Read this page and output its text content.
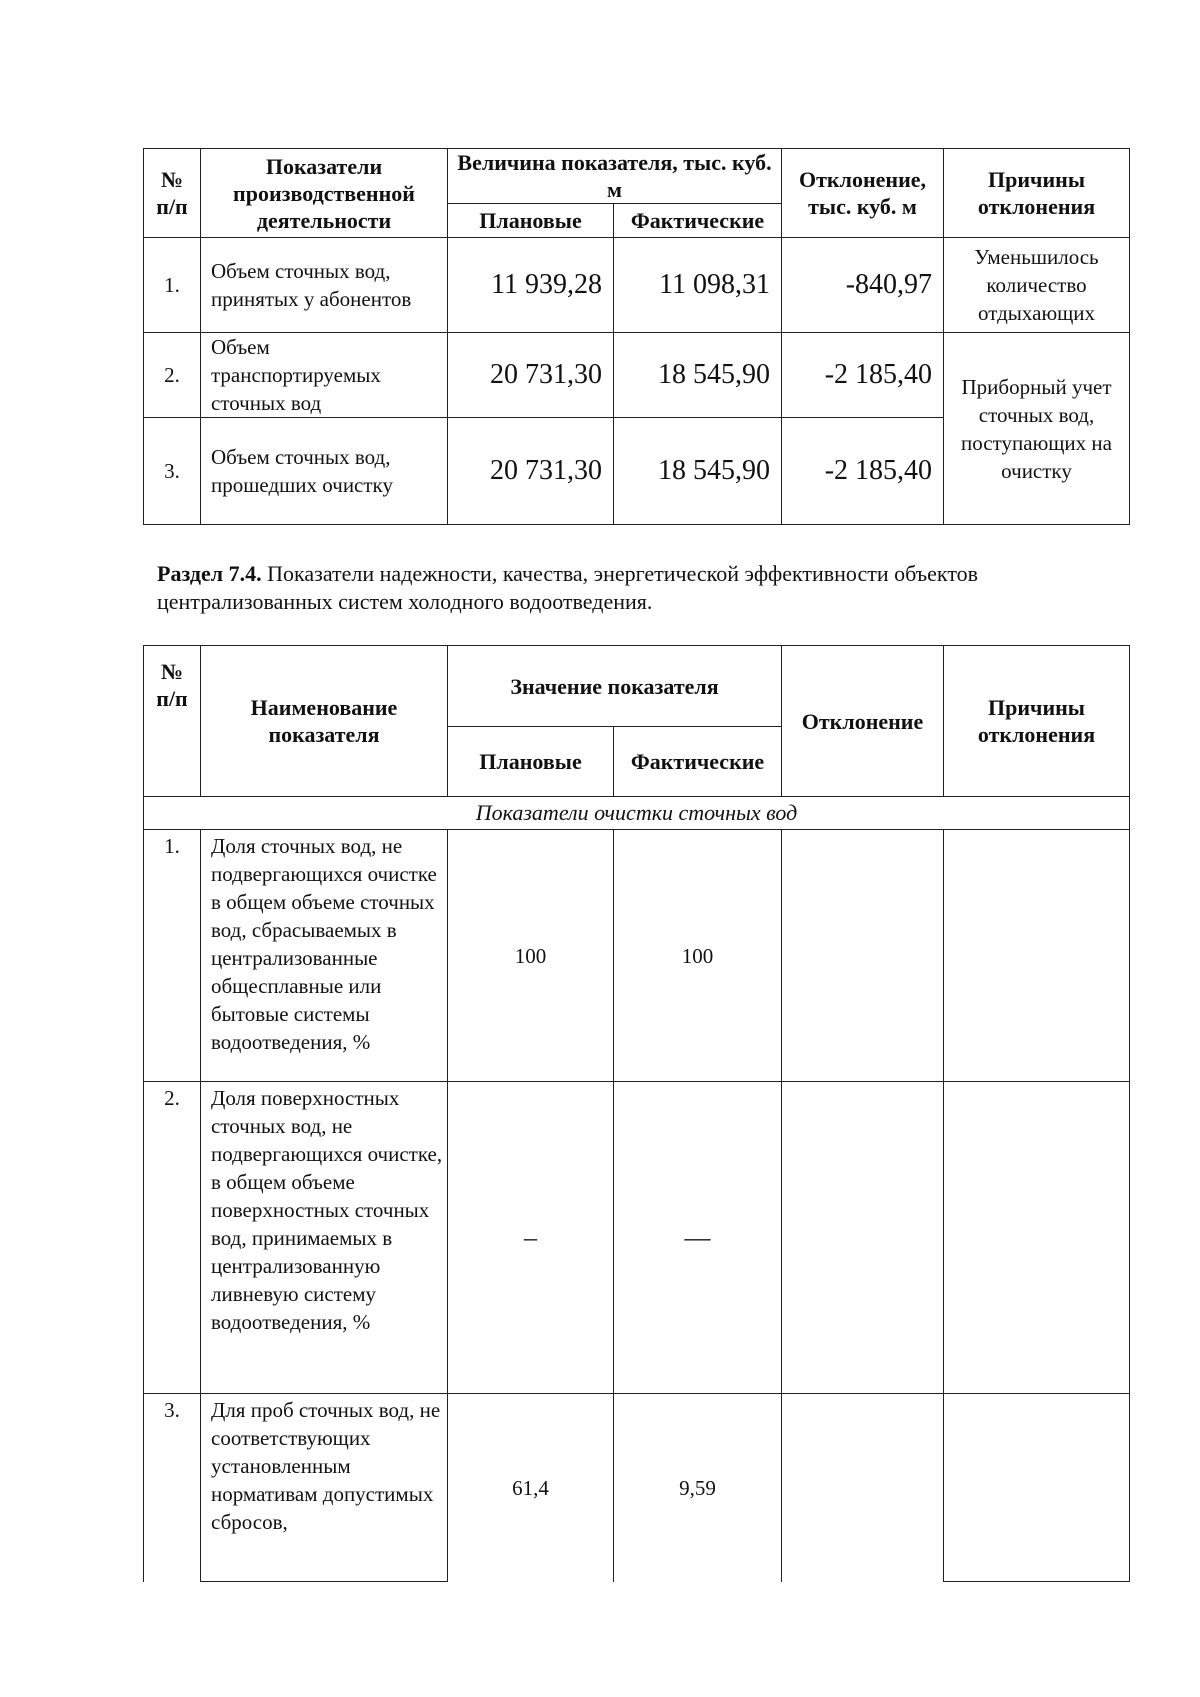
№
п/п	Показатели производственной деятельности	Величина показателя, тыс. куб. м		Отклонение, тыс. куб. м	Причины отклонения
		Плановые	Фактические		
1.	Объем сточных вод, принятых у абонентов	11 939,28	11 098,31	-840,97	Уменьшилось количество отдыхающих
2.	Объем транспортируемых сточных вод	20 731,30	18 545,90	-2 185,40	Приборный учет сточных вод, поступающих на очистку
3.	Объем сточных вод, прошедших очистку	20 731,30	18 545,90	-2 185,40	
Раздел 7.4. Показатели надежности, качества, энергетической эффективности объектов централизованных систем холодного водоотведения.
№
п/п	Наименование показателя	Значение показателя		Отклонение	Причины отклонения
		Плановые	Фактические		
Показатели очистки сточных вод					
1.	Доля сточных вод, не подвергающихся очистке в общем объеме сточных вод, сбрасываемых в централизованные общесплавные или бытовые системы водоотведения, %	100	100		
2.	Доля поверхностных сточных вод, не подвергающихся очистке, в общем объеме поверхностных сточных вод, принимаемых в централизованную ливневую систему водоотведения, %	–	—		
3.	Для проб сточных вод, не соответствующих установленным нормативам допустимых сбросов,	61,4	9,59		
